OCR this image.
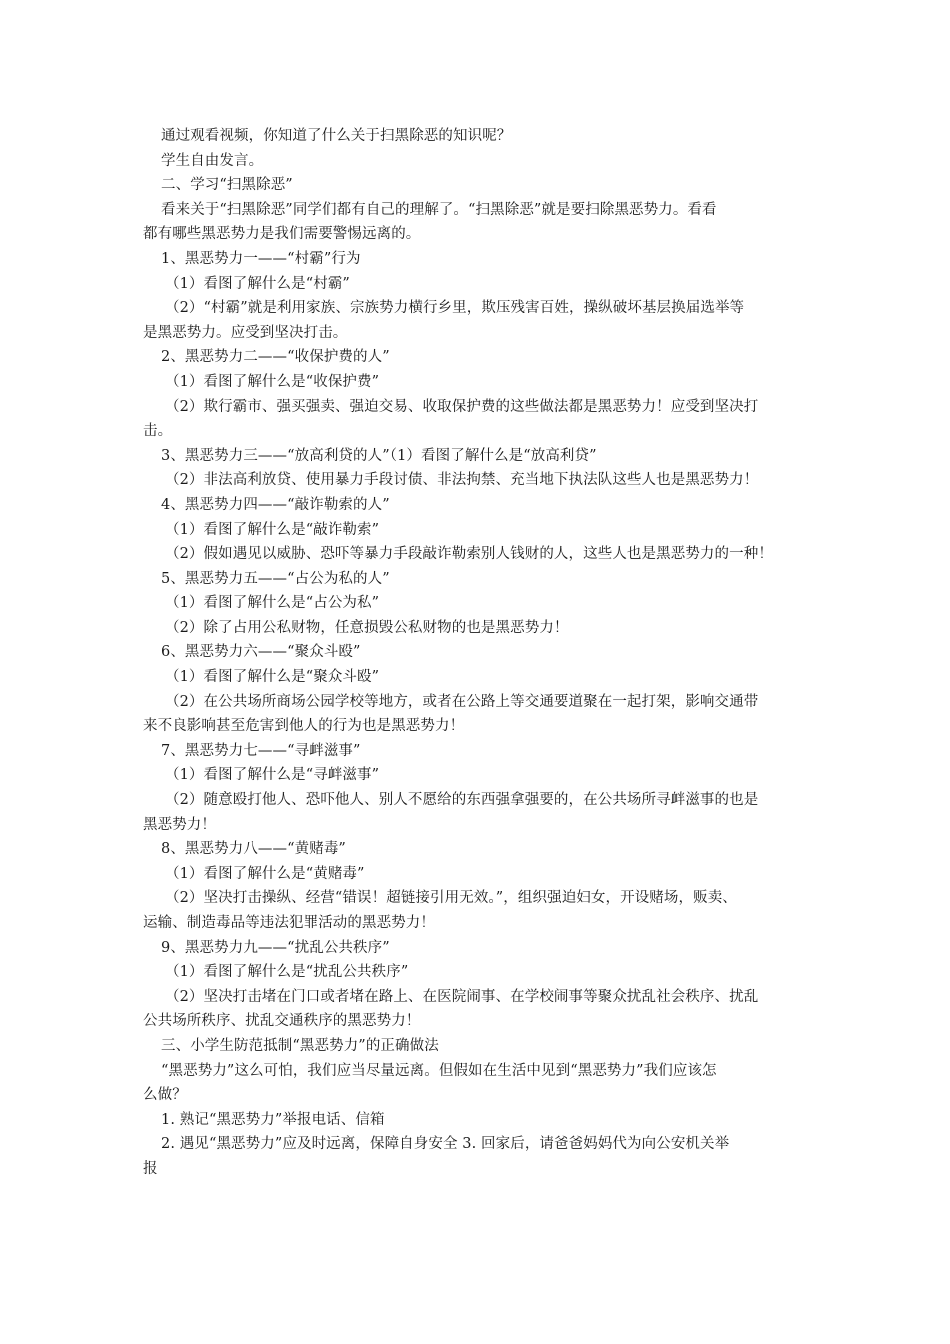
通过观看视频，你知道了什么关于扫黑除恶的知识呢？
学生自由发言。
二、学习“扫黑除恶”
看来关于“扫黑除恶”同学们都有自己的理解了。“扫黑除恶”就是要扫除黑恶势力。看看
都有哪些黑恶势力是我们需要警惕远离的。
1、黑恶势力一——“村霸”行为
（1）看图了解什么是“村霸”
（2）“村霸”就是利用家族、宗族势力横行乡里，欺压残害百姓，操纵破坏基层换届选举等
是黑恶势力。应受到坚决打击。
2、黑恶势力二——“收保护费的人”
（1）看图了解什么是“收保护费”
（2）欺行霸市、强买强卖、强迫交易、收取保护费的这些做法都是黑恶势力！应受到坚决打
击。
3、黑恶势力三——“放高利贷的人”（1）看图了解什么是“放高利贷”
（2）非法高利放贷、使用暴力手段讨债、非法拘禁、充当地下执法队这些人也是黑恶势力！
4、黑恶势力四——“敲诈勒索的人”
（1）看图了解什么是“敲诈勒索”
（2）假如遇见以威胁、恐吓等暴力手段敲诈勒索别人钱财的人，这些人也是黑恶势力的一种！
5、黑恶势力五——“占公为私的人”
（1）看图了解什么是“占公为私”
（2）除了占用公私财物，任意损毁公私财物的也是黑恶势力！
6、黑恶势力六——“聚众斗殴”
（1）看图了解什么是“聚众斗殴”
（2）在公共场所商场公园学校等地方，或者在公路上等交通要道聚在一起打架，影响交通带
来不良影响甚至危害到他人的行为也是黑恶势力！
7、黑恶势力七——“寻衅滋事”
（1）看图了解什么是“寻衅滋事”
（2）随意殴打他人、恐吓他人、别人不愿给的东西强拿强要的，在公共场所寻衅滋事的也是
黑恶势力！
8、黑恶势力八——“黄赌毒”
（1）看图了解什么是“黄赌毒”
（2）坚决打击操纵、经营“错误！超链接引用无效。”，组织强迫妇女，开设赌场，贩卖、
运输、制造毒品等违法犯罪活动的黑恶势力！
9、黑恶势力九——“扰乱公共秩序”
（1）看图了解什么是“扰乱公共秩序”
（2）坚决打击堵在门口或者堵在路上、在医院闹事、在学校闹事等聚众扰乱社会秩序、扰乱
公共场所秩序、扰乱交通秩序的黑恶势力！
三、小学生防范抵制“黑恶势力”的正确做法
“黑恶势力”这么可怕，我们应当尽量远离。但假如在生活中见到“黑恶势力”我们应该怎
么做？
1. 熟记“黑恶势力”举报电话、信箱
2. 遇见“黑恶势力”应及时远离，保障自身安全 3. 回家后，请爸爸妈妈代为向公安机关举
报
